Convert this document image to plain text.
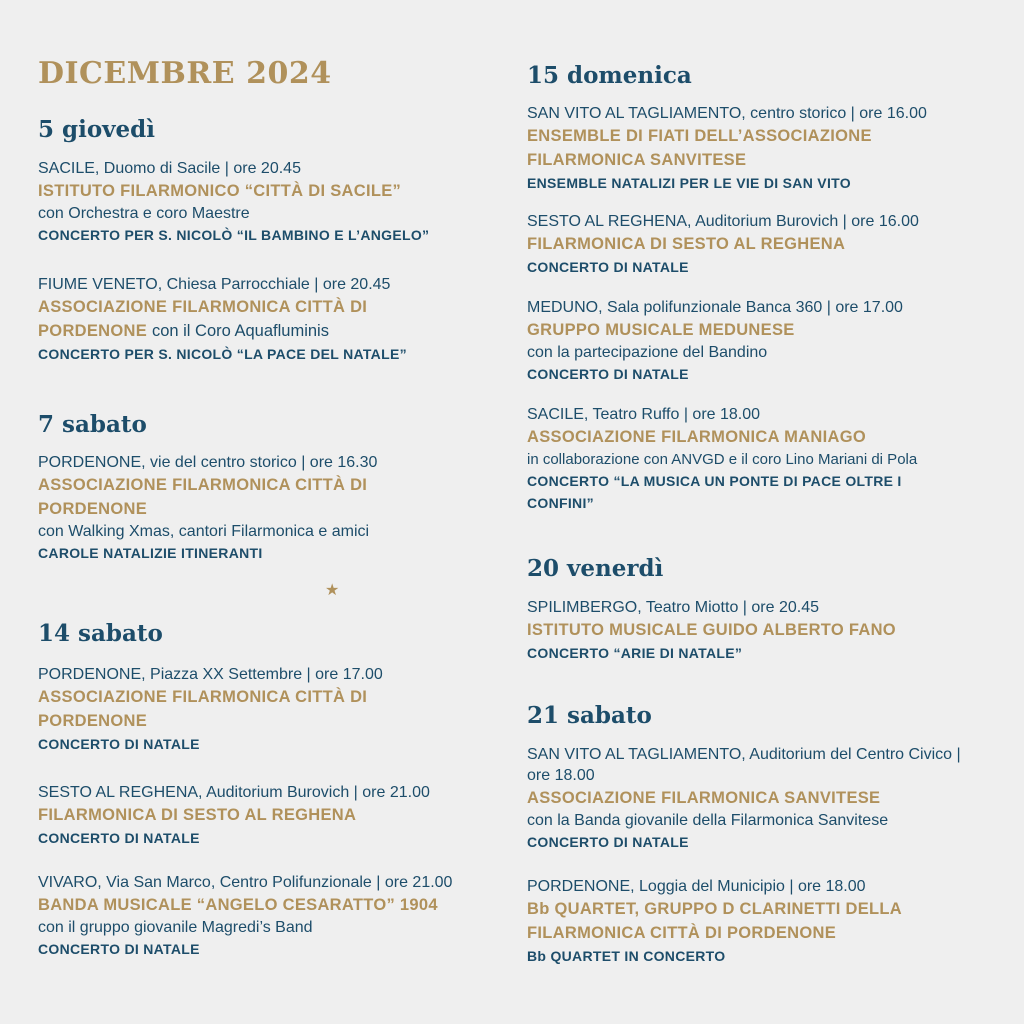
DICEMBRE 2024
5 giovedì
SACILE, Duomo di Sacile | ore 20.45
ISTITUTO FILARMONICO “CITTÀ DI SACILE”
con Orchestra e coro Maestre
CONCERTO PER S. NICOLÒ “IL BAMBINO E L’ANGELO”
FIUME VENETO, Chiesa Parrocchiale | ore 20.45
ASSOCIAZIONE FILARMONICA CITTÀ DI PORDENONE con il Coro Aquafluminis
CONCERTO PER S. NICOLÒ “LA PACE DEL NATALE”
7 sabato
PORDENONE, vie del centro storico | ore 16.30
ASSOCIAZIONE FILARMONICA CITTÀ DI PORDENONE
con Walking Xmas, cantori Filarmonica e amici
CAROLE NATALIZIE ITINERANTI
★
14 sabato
PORDENONE, Piazza XX Settembre | ore 17.00
ASSOCIAZIONE FILARMONICA CITTÀ DI PORDENONE
CONCERTO DI NATALE
SESTO AL REGHENA, Auditorium Burovich | ore 21.00
FILARMONICA DI SESTO AL REGHENA
CONCERTO DI NATALE
VIVARO, Via San Marco, Centro Polifunzionale | ore 21.00
BANDA MUSICALE “ANGELO CESARATTO” 1904
con il gruppo giovanile Magredi’s Band
CONCERTO DI NATALE
15 domenica
SAN VITO AL TAGLIAMENTO, centro storico | ore 16.00
ENSEMBLE DI FIATI DELL’ASSOCIAZIONE FILARMONICA SANVITESE
ENSEMBLE NATALIZI PER LE VIE DI SAN VITO
SESTO AL REGHENA, Auditorium Burovich | ore 16.00
FILARMONICA DI SESTO AL REGHENA
CONCERTO DI NATALE
MEDUNO, Sala polifunzionale Banca 360 | ore 17.00
GRUPPO MUSICALE MEDUNESE
con la partecipazione del Bandino
CONCERTO DI NATALE
SACILE, Teatro Ruffo | ore 18.00
ASSOCIAZIONE FILARMONICA MANIAGO
in collaborazione con ANVGD e il coro Lino Mariani di Pola
CONCERTO “LA MUSICA UN PONTE DI PACE OLTRE I CONFINI”
20 venerdì
SPILIMBERGO, Teatro Miotto | ore 20.45
ISTITUTO MUSICALE GUIDO ALBERTO FANO
CONCERTO “ARIE DI NATALE”
21 sabato
SAN VITO AL TAGLIAMENTO, Auditorium del Centro Civico | ore 18.00
ASSOCIAZIONE FILARMONICA SANVITESE
con la Banda giovanile della Filarmonica Sanvitese
CONCERTO DI NATALE
PORDENONE, Loggia del Municipio | ore 18.00
Bb QUARTET, GRUPPO D CLARINETTI DELLA FILARMONICA CITTÀ DI PORDENONE
Bb QUARTET IN CONCERTO
